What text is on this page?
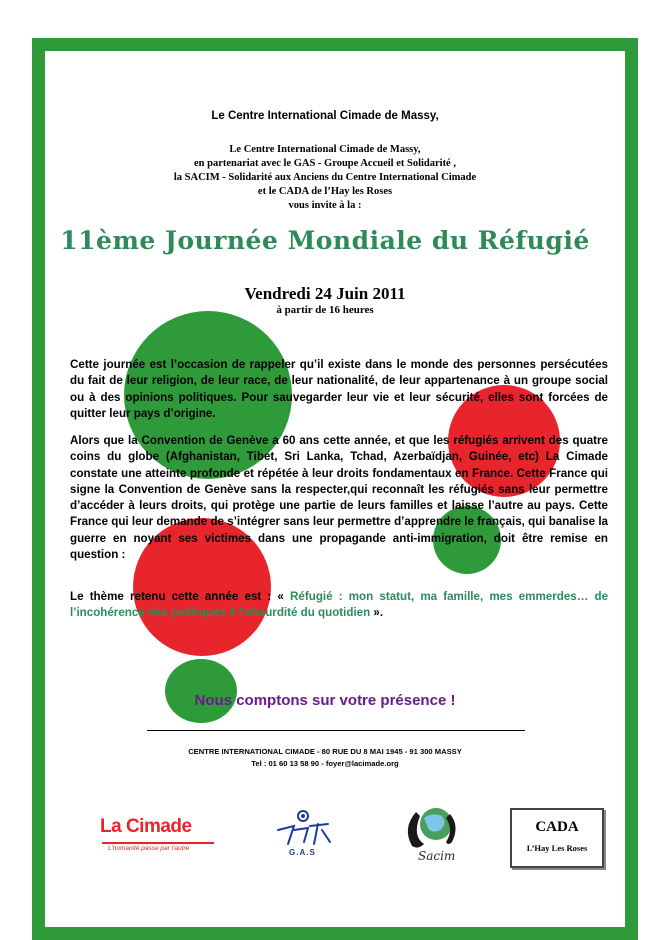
Le Centre International Cimade de Massy,
Le Centre International Cimade de Massy,
en partenariat avec le GAS - Groupe Accueil et Solidarité ,
la SACIM - Solidarité aux Anciens du Centre International Cimade
et le CADA de l’Hay les Roses
vous invite à la :
11ème Journée Mondiale du Réfugié
Vendredi 24 Juin 2011
à partir de 16 heures
Cette journée est l’occasion de rappeler qu’il existe dans le monde des personnes persécutées du fait de leur religion, de leur race, de leur nationalité, de leur appartenance à un groupe social ou à des opinions politiques. Pour sauvegarder leur vie et leur sécurité, elles sont forcées de quitter leur pays d’origine.
Alors que la Convention de Genève a 60 ans cette année, et que les réfugiés arrivent des quatre coins du globe (Afghanistan, Tibet, Sri Lanka, Tchad, Azerbaïdjan, Guinée, etc) La Cimade constate une atteinte profonde et répétée à leur droits fondamentaux en France. Cette France qui signe la Convention de Genève sans la respecter,qui reconnaît les réfugiés sans leur permettre d’accéder à leurs droits, qui protège une partie de leurs familles et laisse l’autre au pays. Cette France qui leur demande de s’intégrer sans leur permettre d’apprendre le français, qui banalise la guerre en noyant ses victimes dans une propagande anti-immigration, doit être remise en question :
Le thème retenu cette année est : « Réfugié : mon statut, ma famille, mes emmerdes… de l’incohérence des politiques à l’absurdité du quotidien ».
Nous comptons sur votre présence !
CENTRE INTERNATIONAL CIMADE - 80 RUE DU 8 MAI 1945 - 91 300 MASSY
Tel : 01 60 13 58 90 - foyer@lacimade.org
La Cimade
L’humanité passe par l’autre	G.A.S	Sacim
CADA
L’Hay Les Roses
